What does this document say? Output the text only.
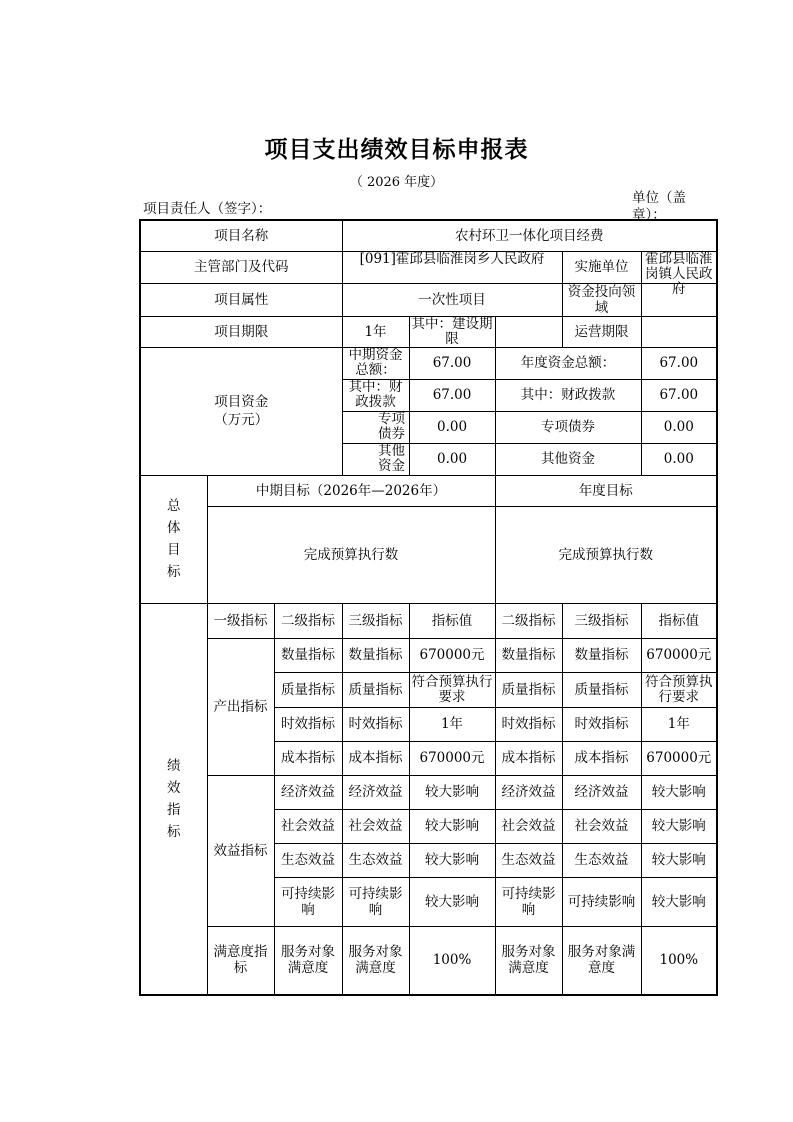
项目支出绩效目标申报表
（ 2026 年度）
项目责任人（签字）：
单位（盖章）：
项目名称			农村环卫一体化项目经费				
主管部门及代码			[091]霍邱县临淮岗乡人民政府			实施单位	霍邱县临淮岗镇人民政府

项目属性			一次性项目			资金投向领域	
项目期限			1年	其中：建设期限		运营期限	

项目资金（万元）			中期资金总额：	67.00	年度资金总额：		67.00

			其中：财政拨款	67.00	其中：财政拨款		67.00

			专项债券	0.00	专项债券		0.00

			其他资金	0.00	其他资金		0.00

总体目标	中期目标（2026年—2026年）				年度目标		
	完成预算执行数				完成预算执行数		

绩效指标	一级指标	二级指标	三级指标	指标值	二级指标	三级指标	指标值
	产出指标	数量指标	数量指标	670000元	数量指标	数量指标	670000元
		质量指标	质量指标	符合预算执行要求	质量指标	质量指标	符合预算执行要求

		时效指标	时效指标	1年	时效指标	时效指标	1年
		成本指标	成本指标	670000元	成本指标	成本指标	670000元
	效益指标	经济效益	经济效益	较大影响	经济效益	经济效益	较大影响
		社会效益	社会效益	较大影响	社会效益	社会效益	较大影响
		生态效益	生态效益	较大影响	生态效益	生态效益	较大影响
		可持续影响	可持续影响	较大影响	可持续影响	可持续影响	较大影响
	满意度指标	服务对象满意度	服务对象满意度	100%	服务对象满意度	服务对象满意度	100%
